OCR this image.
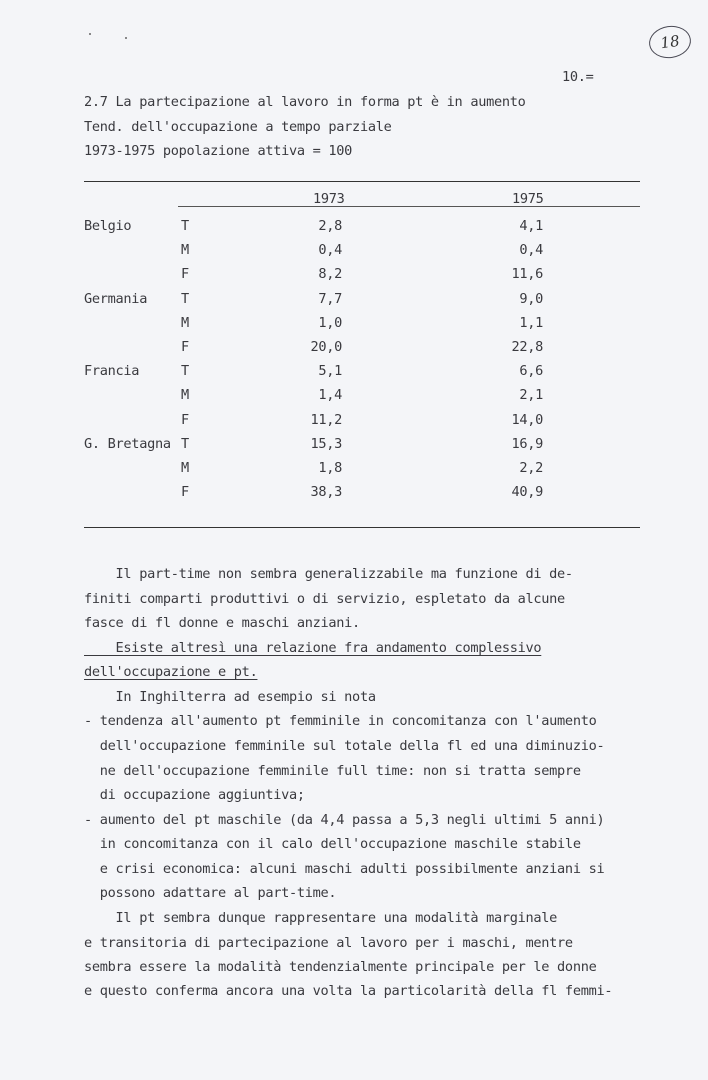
18
10.=
2.7 La partecipazione al lavoro in forma pt è in aumento
Tend. dell'occupazione a tempo parziale
1973-1975 popolazione attiva = 100
1973	1975
Belgio	T	2,8	4,1
M	0,4	0,4
F	8,2	11,6
Germania T	7,7	9,0
M	1,0	1,1
F	20,0	22,8
Francia	T	5,1	6,6
M	1,4	2,1
F	11,2	14,0
G. Bretagna T	15,3	16,9
M	1,8	2,2
F	38,3	40,9
Il part-time non sembra generalizzabile ma funzione di de-
finiti comparti produttivi o di servizio, espletato da alcune
fasce di fl donne e maschi anziani.
Esiste altresì una relazione fra andamento complessivo
dell'occupazione e pt.
In Inghilterra ad esempio si nota
- tendenza all'aumento pt femminile in concomitanza con l'aumento
dell'occupazione femminile sul totale della fl ed una diminuzio-
ne dell'occupazione femminile full time: non si tratta sempre
di occupazione aggiuntiva;
- aumento del pt maschile (da 4,4 passa a 5,3 negli ultimi 5 anni)
in concomitanza con il calo dell'occupazione maschile stabile
e crisi economica: alcuni maschi adulti possibilmente anziani si
possono adattare al part-time.
Il pt sembra dunque rappresentare una modalità marginale
e transitoria di partecipazione al lavoro per i maschi, mentre
sembra essere la modalità tendenzialmente principale per le donne
e questo conferma ancora una volta la particolarità della fl femmi-
